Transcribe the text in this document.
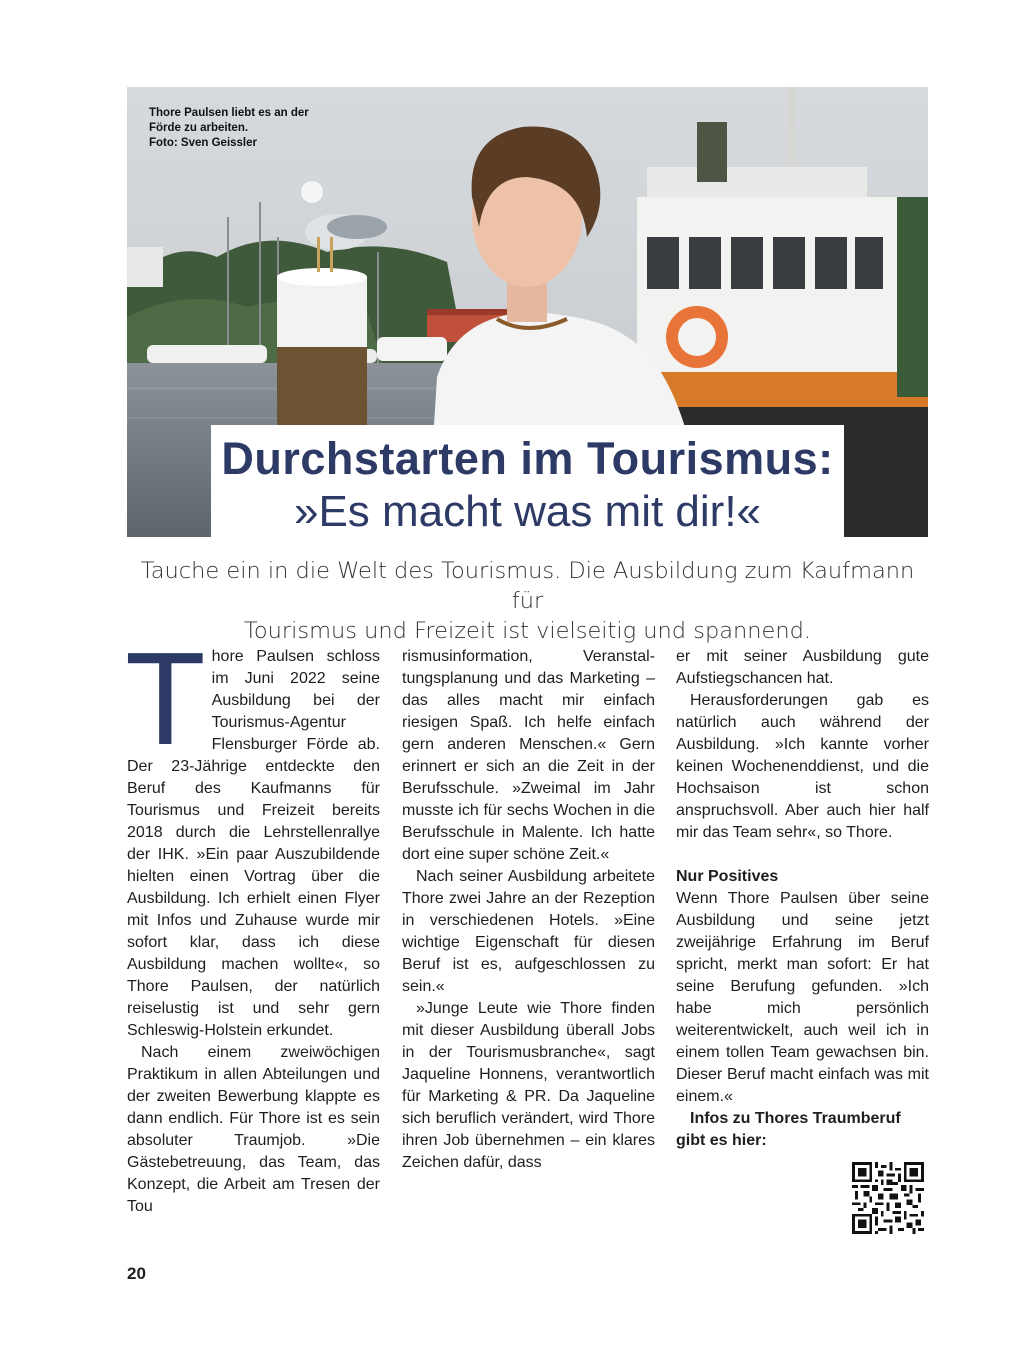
Thore Paulsen liebt es an der
Förde zu arbeiten.
Foto: Sven Geissler
Durchstarten im Tourismus:
»Es macht was mit dir!«
Tauche ein in die Welt des Tourismus. Die Ausbildung zum Kaufmann für
Tourismus und Freizeit ist vielseitig und spannend.

Thore Paulsen schloss im Juni 2022 seine Ausbildung bei der Tourismus-Agentur Flensburger Förde ab. Der 23-Jährige entdeckte den Beruf des Kaufmanns für Tourismus und Freizeit bereits 2018 durch die Lehrstellenrallye der IHK. »Ein paar Auszubildende hielten einen Vortrag über die Ausbildung. Ich erhielt einen Flyer mit Infos und Zuhause wurde mir sofort klar, dass ich diese Ausbildung machen wollte«, so Thore Paulsen, der natürlich reiselustig ist und sehr gern Schleswig-Holstein erkundet.

Nach einem zweiwöchigen Praktikum in allen Abteilungen und der zweiten Bewerbung klappte es dann endlich. Für Thore ist es sein absoluter Traumjob. »Die Gästebetreuung, das Team, das Konzept, die Arbeit am Tresen der Tou

rismusinformation, Veranstaltungsplanung und das Marketing – das alles macht mir einfach riesigen Spaß. Ich helfe einfach gern anderen Menschen.« Gern erinnert er sich an die Zeit in der Berufsschule. »Zweimal im Jahr musste ich für sechs Wochen in die Berufsschule in Malente. Ich hatte dort eine super schöne Zeit.«

Nach seiner Ausbildung arbeitete Thore zwei Jahre an der Rezeption in verschiedenen Hotels. »Eine wichtige Eigenschaft für diesen Beruf ist es, aufgeschlossen zu sein.«

»Junge Leute wie Thore finden mit dieser Ausbildung überall Jobs in der Tourismusbranche«, sagt Jaqueline Honnens, verantwortlich für Marketing & PR. Da Jaqueline sich beruflich verändert, wird Thore ihren Job übernehmen – ein klares Zeichen dafür, dass

er mit seiner Ausbildung gute Aufstiegschancen hat.

Herausforderungen gab es natürlich auch während der Ausbildung. »Ich kannte vorher keinen Wochenenddienst, und die Hochsaison ist schon anspruchsvoll. Aber auch hier half mir das Team sehr«, so Thore.

Nur Positives

Wenn Thore Paulsen über seine Ausbildung und seine jetzt zweijährige Erfahrung im Beruf spricht, merkt man sofort: Er hat seine Berufung gefunden. »Ich habe mich persönlich weiterentwickelt, auch weil ich in einem tollen Team gewachsen bin. Dieser Beruf macht einfach was mit einem.«

Infos zu Thores Traumberuf

gibt es hier:

20
